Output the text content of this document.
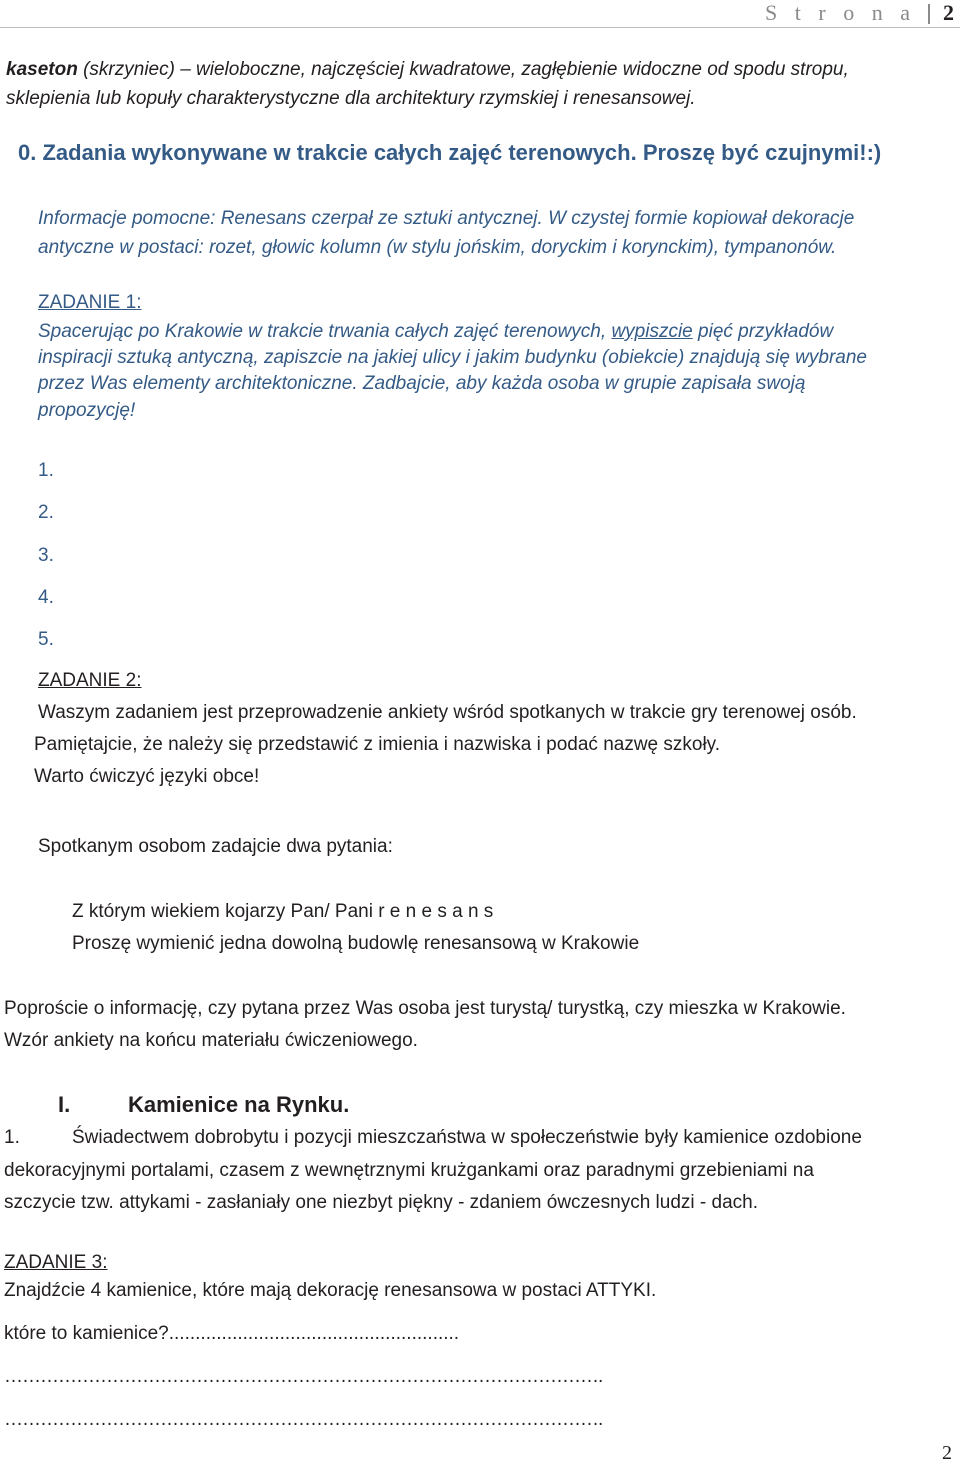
S t r o n a 2
kaseton (skrzyniec) – wieloboczne, najczęściej kwadratowe, zagłębienie widoczne od spodu stropu,
sklepienia lub kopuły charakterystyczne dla architektury rzymskiej i renesansowej.
0. Zadania wykonywane w trakcie całych zajęć terenowych. Proszę być czujnymi!:)
Informacje pomocne: Renesans czerpał ze sztuki antycznej. W czystej formie kopiował dekoracje
antyczne w postaci: rozet, głowic kolumn (w stylu jońskim, doryckim i korynckim), tympanonów.
ZADANIE 1:
Spacerując po Krakowie w trakcie trwania całych zajęć terenowych, wypiszcie pięć przykładów
inspiracji sztuką antyczną, zapiszcie na jakiej ulicy i jakim budynku (obiekcie) znajdują się wybrane
przez Was elementy architektoniczne. Zadbajcie, aby każda osoba w grupie zapisała swoją
propozycję!
1.
2.
3.
4.
5.
ZADANIE 2:
Waszym zadaniem jest przeprowadzenie ankiety wśród spotkanych w trakcie gry terenowej osób.
Pamiętajcie, że należy się przedstawić z imienia i nazwiska i podać nazwę szkoły.
Warto ćwiczyć języki obce!
Spotkanym osobom zadajcie dwa pytania:
Z którym wiekiem kojarzy Pan/ Pani r e n e s a n s
Proszę wymienić jedna dowolną budowlę renesansową w Krakowie
Poproście o informację, czy pytana przez Was osoba jest turystą/ turystką, czy mieszka w Krakowie.
Wzór ankiety na końcu materiału ćwiczeniowego.
I.	Kamienice na Rynku.
1.	Świadectwem dobrobytu i pozycji mieszczaństwa w społeczeństwie były kamienice ozdobione
dekoracyjnymi portalami, czasem z wewnętrznymi krużgankami oraz paradnymi grzebieniami na
szczycie tzw. attykami - zasłaniały one niezbyt piękny - zdaniem ówczesnych ludzi - dach.
ZADANIE 3:
Znajdźcie 4 kamienice, które mają dekorację renesansowa w postaci ATTYKI.
które to kamienice?.......................................................
……………………………………………………………………………………….
……………………………………………………………………………………….
2
